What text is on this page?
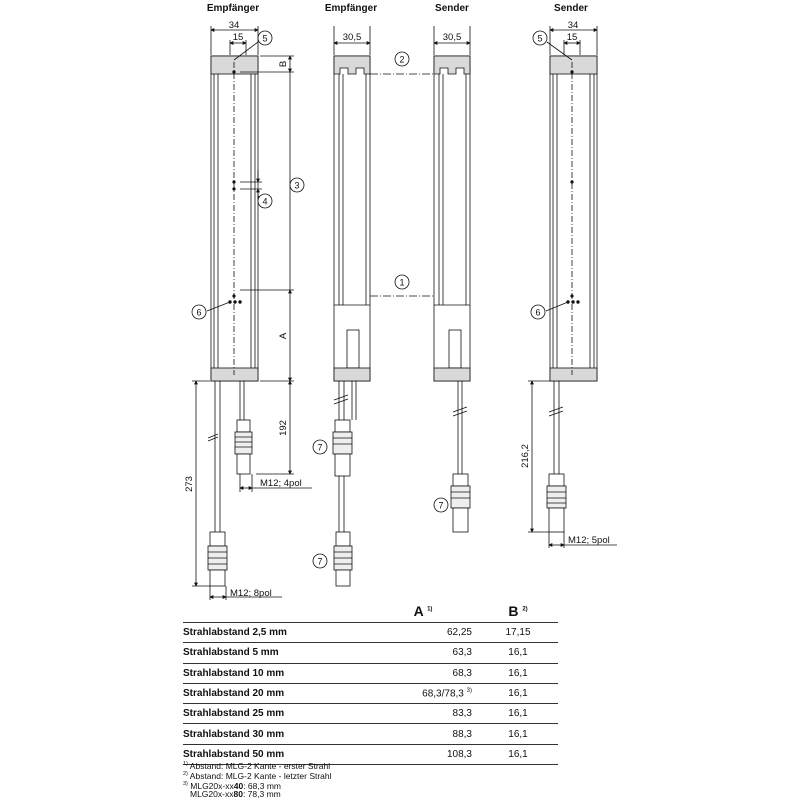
Empfänger	Empfänger	Sender	Sender
34
15	30,5	30,5
34
15
B
A
192
273
216,2
M12; 4pol
M12; 8pol
M12; 5pol
5	5
2
3
4
1
6	6
7
7
7
	A $^{1)}$	B $^{2)}$
Strahlabstand 2,5 mm	62,25	17,15
Strahlabstand 5 mm	63,3	16,1
Strahlabstand 10 mm	68,3	16,1
Strahlabstand 20 mm	68,3/78,3 $^{3)}$	16,1
Strahlabstand 25 mm	83,3	16,1
Strahlabstand 30 mm	88,3	16,1
Strahlabstand 50 mm	108,3	16,1
$^{1)}$ Abstand: MLG-2 Kante - erster Strahl
$^{2)}$ Abstand: MLG-2 Kante - letzter Strahl
$^{3)}$ MLG20x-xx40: 68,3 mm
MLG20x-xx80: 78,3 mm
